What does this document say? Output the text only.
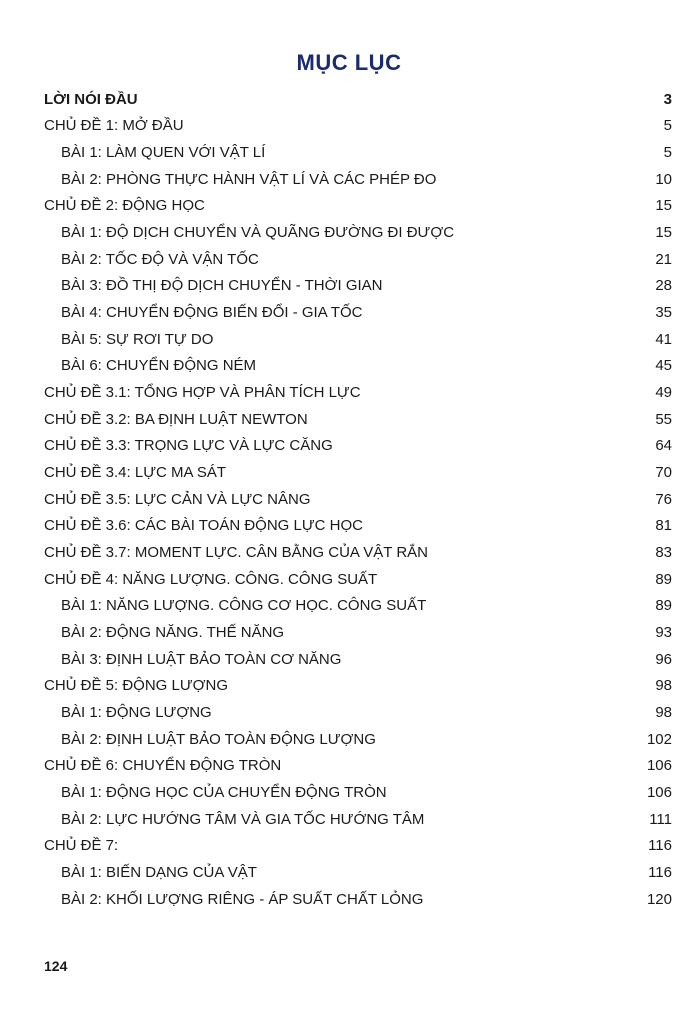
MỤC LỤC
LỜI NÓI ĐẦU	3
CHỦ ĐỀ 1: MỞ ĐẦU	5
BÀI 1: LÀM QUEN VỚI VẬT LÍ	5
BÀI 2: PHÒNG THỰC HÀNH VẬT LÍ VÀ CÁC PHÉP ĐO	10
CHỦ ĐỀ 2: ĐỘNG HỌC	15
BÀI 1: ĐỘ DỊCH CHUYỂN VÀ QUÃNG ĐƯỜNG ĐI ĐƯỢC	15
BÀI 2: TỐC ĐỘ VÀ VẬN TỐC	21
BÀI 3: ĐỒ THỊ ĐỘ DỊCH CHUYỂN - THỜI GIAN	28
BÀI 4: CHUYỂN ĐỘNG BIẾN ĐỔI - GIA TỐC	35
BÀI 5: SỰ RƠI TỰ DO	41
BÀI 6: CHUYỂN ĐỘNG NÉM	45
CHỦ ĐỀ 3.1: TỔNG HỢP VÀ PHÂN TÍCH LỰC	49
CHỦ ĐỀ 3.2: BA ĐỊNH LUẬT NEWTON	55
CHỦ ĐỀ 3.3: TRỌNG LỰC VÀ LỰC CĂNG	64
CHỦ ĐỀ 3.4: LỰC MA SÁT	70
CHỦ ĐỀ 3.5: LỰC CẢN VÀ LỰC NÂNG	76
CHỦ ĐỀ 3.6: CÁC BÀI TOÁN ĐỘNG LỰC HỌC	81
CHỦ ĐỀ 3.7: MOMENT LỰC. CÂN BẰNG CỦA VẬT RẮN	83
CHỦ ĐỀ 4: NĂNG LƯỢNG. CÔNG. CÔNG SUẤT	89
BÀI 1: NĂNG LƯỢNG. CÔNG CƠ HỌC. CÔNG SUẤT	89
BÀI 2: ĐỘNG NĂNG. THẾ NĂNG	93
BÀI 3: ĐỊNH LUẬT BẢO TOÀN CƠ NĂNG	96
CHỦ ĐỀ 5: ĐỘNG LƯỢNG	98
BÀI 1: ĐỘNG LƯỢNG	98
BÀI 2: ĐỊNH LUẬT BẢO TOÀN ĐỘNG LƯỢNG	102
CHỦ ĐỀ 6: CHUYỂN ĐỘNG TRÒN	106
BÀI 1: ĐỘNG HỌC CỦA CHUYỂN ĐỘNG TRÒN	106
BÀI 2: LỰC HƯỚNG TÂM VÀ GIA TỐC HƯỚNG TÂM	111
CHỦ ĐỀ 7:	116
BÀI 1: BIẾN DẠNG CỦA VẬT	116
BÀI 2: KHỐI LƯỢNG RIÊNG - ÁP SUẤT CHẤT LỎNG	120
124
